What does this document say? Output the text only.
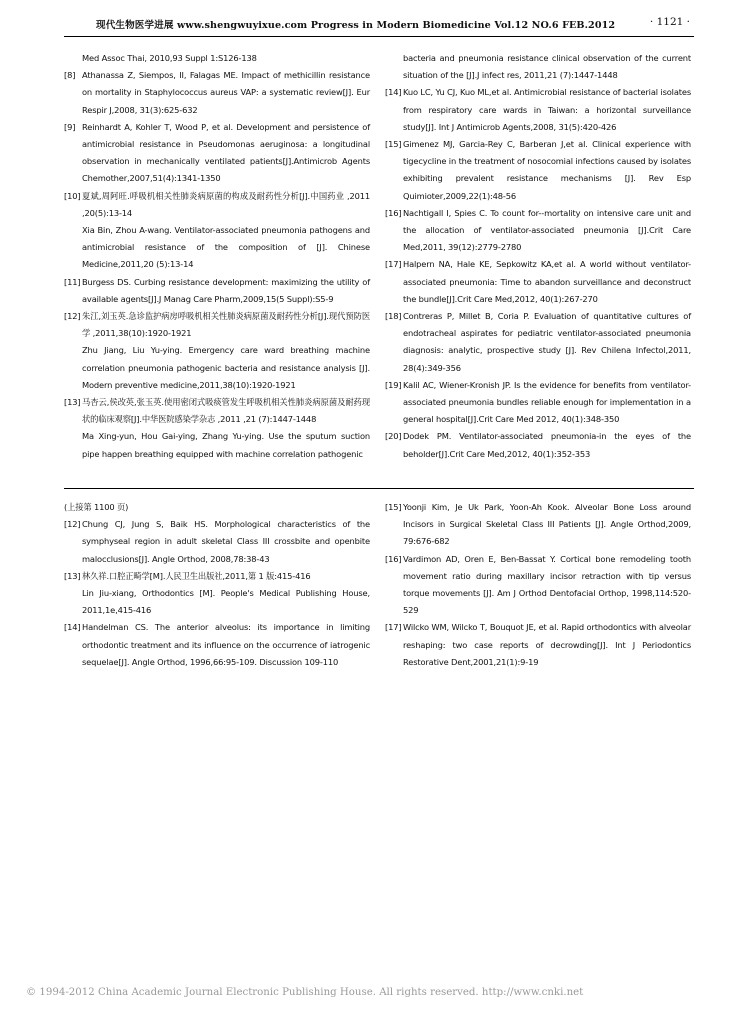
现代生物医学进展 www.shengwuyixue.com Progress in Modern Biomedicine Vol.12 NO.6 FEB.2012	· 1121 ·
Med Assoc Thai, 2010,93 Suppl 1:S126-138
[8] Athanassa Z, Siempos, II, Falagas ME. Impact of methicillin resistance on mortality in Staphylococcus aureus VAP: a systematic review[J]. Eur Respir J,2008, 31(3):625-632
[9] Reinhardt A, Kohler T, Wood P, et al. Development and persistence of antimicrobial resistance in Pseudomonas aeruginosa: a longitudinal observation in mechanically ventilated patients[J].Antimicrob Agents Chemother,2007,51(4):1341-1350
[10] 夏斌,周阿旺.呼吸机相关性肺炎病原菌的构成及耐药性分析[J].中国药业 ,2011 ,20(5):13-14
Xia Bin, Zhou A-wang. Ventilator-associated pneumonia pathogens and antimicrobial resistance of the composition of [J]. Chinese Medicine,2011,20 (5):13-14
[11] Burgess DS. Curbing resistance development: maximizing the utility of available agents[J].J Manag Care Pharm,2009,15(5 Suppl):S5-9
[12] 朱江,刘玉英.急诊监护病房呼吸机相关性肺炎病原菌及耐药性分析[J].现代预防医学 ,2011,38(10):1920-1921
Zhu Jiang, Liu Yu-ying. Emergency care ward breathing machine correlation pneumonia pathogenic bacteria and resistance analysis [J]. Modern preventive medicine,2011,38(10):1920-1921
[13] 马杏云,侯改英,张玉英.使用密闭式吸痰管发生呼吸机相关性肺炎病原菌及耐药现状的临床观察[J].中华医院感染学杂志 ,2011 ,21 (7):1447-1448
Ma Xing-yun, Hou Gai-ying, Zhang Yu-ying. Use the sputum suction pipe happen breathing equipped with machine correlation pathogenic
bacteria and pneumonia resistance clinical observation of the current situation of the [J].J infect res, 2011,21 (7):1447-1448
[14] Kuo LC, Yu CJ, Kuo ML,et al. Antimicrobial resistance of bacterial isolates from respiratory care wards in Taiwan: a horizontal surveillance study[J]. Int J Antimicrob Agents,2008, 31(5):420-426
[15] Gimenez MJ, Garcia-Rey C, Barberan J,et al. Clinical experience with tigecycline in the treatment of nosocomial infections caused by isolates exhibiting prevalent resistance mechanisms [J]. Rev Esp Quimioter,2009,22(1):48-56
[16] Nachtigall I, Spies C. To count for--mortality on intensive care unit and the allocation of ventilator-associated pneumonia [J].Crit Care Med,2011, 39(12):2779-2780
[17] Halpern NA, Hale KE, Sepkowitz KA,et al. A world without ventilator-associated pneumonia: Time to abandon surveillance and deconstruct the bundle[J].Crit Care Med,2012, 40(1):267-270
[18] Contreras P, Millet B, Coria P. Evaluation of quantitative cultures of endotracheal aspirates for pediatric ventilator-associated pneumonia diagnosis: analytic, prospective study [J]. Rev Chilena Infectol,2011, 28(4):349-356
[19] Kalil AC, Wiener-Kronish JP. Is the evidence for benefits from ventilator-associated pneumonia bundles reliable enough for implementation in a general hospital[J].Crit Care Med 2012, 40(1):348-350
[20] Dodek PM. Ventilator-associated pneumonia-in the eyes of the beholder[J].Crit Care Med,2012, 40(1):352-353
(上接第 1100 页)
[12] Chung CJ, Jung S, Baik HS. Morphological characteristics of the symphyseal region in adult skeletal Class III crossbite and openbite malocclusions[J]. Angle Orthod, 2008,78:38-43
[13] 林久祥.口腔正畸学[M].人民卫生出版社,2011,第 1 版:415-416
Lin Jiu-xiang, Orthodontics [M]. People's Medical Publishing House, 2011,1e,415-416
[14] Handelman CS. The anterior alveolus: its importance in limiting orthodontic treatment and its influence on the occurrence of iatrogenic sequelae[J]. Angle Orthod, 1996,66:95-109. Discussion 109-110
[15] Yoonji Kim, Je Uk Park, Yoon-Ah Kook. Alveolar Bone Loss around Incisors in Surgical Skeletal Class III Patients [J]. Angle Orthod,2009, 79:676-682
[16] Vardimon AD, Oren E, Ben-Bassat Y. Cortical bone remodeling tooth movement ratio during maxillary incisor retraction with tip versus torque movements [J]. Am J Orthod Dentofacial Orthop, 1998,114:520-529
[17] Wilcko WM, Wilcko T, Bouquot JE, et al. Rapid orthodontics with alveolar reshaping: two case reports of decrowding[J]. Int J Periodontics Restorative Dent,2001,21(1):9-19
© 1994-2012 China Academic Journal Electronic Publishing House. All rights reserved. http://www.cnki.net
